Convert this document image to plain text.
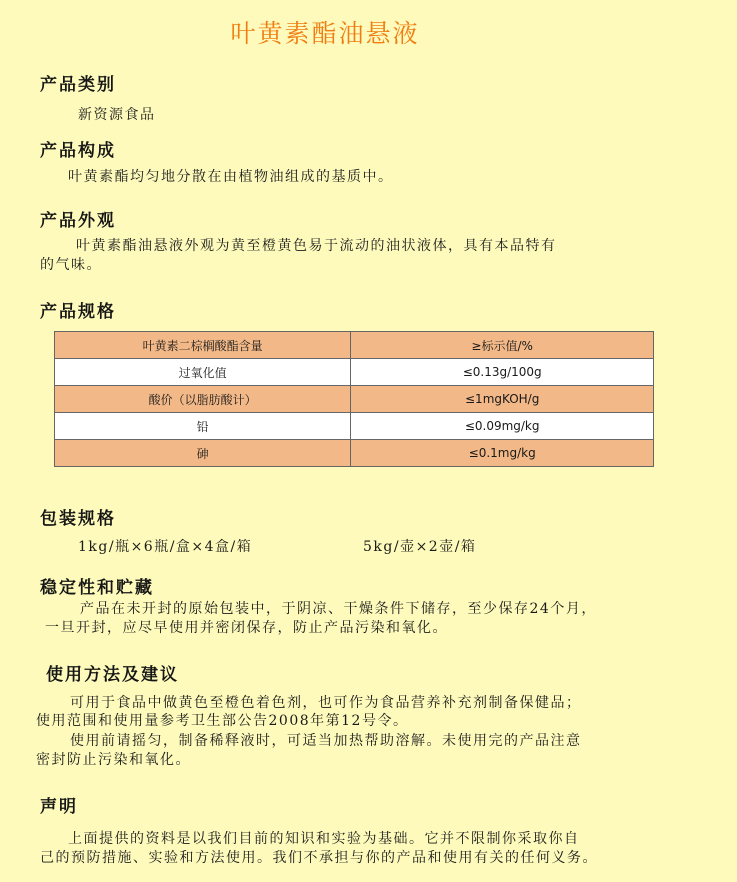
叶黄素酯油悬液
产品类别
新资源食品
产品构成
叶黄素酯均匀地分散在由植物油组成的基质中。
产品外观
叶黄素酯油悬液外观为黄至橙黄色易于流动的油状液体，具有本品特有
的气味。
产品规格
叶黄素二棕榈酸酯含量	≥标示值/%
过氧化值	≤0.13g/100g
酸价（以脂肪酸计）	≤1mgKOH/g
铅	≤0.09mg/kg
砷	≤0.1mg/kg
包装规格
1kg/瓶×6瓶/盒×4盒/箱	5kg/壶×2壶/箱
稳定性和贮藏
产品在未开封的原始包装中，于阴凉、干燥条件下储存，至少保存24个月，
一旦开封，应尽早使用并密闭保存，防止产品污染和氧化。
使用方法及建议
可用于食品中做黄色至橙色着色剂，也可作为食品营养补充剂制备保健品；
使用范围和使用量参考卫生部公告2008年第12号令。
使用前请摇匀，制备稀释液时，可适当加热帮助溶解。未使用完的产品注意
密封防止污染和氧化。
声明
上面提供的资料是以我们目前的知识和实验为基础。它并不限制你采取你自
己的预防措施、实验和方法使用。我们不承担与你的产品和使用有关的任何义务。
